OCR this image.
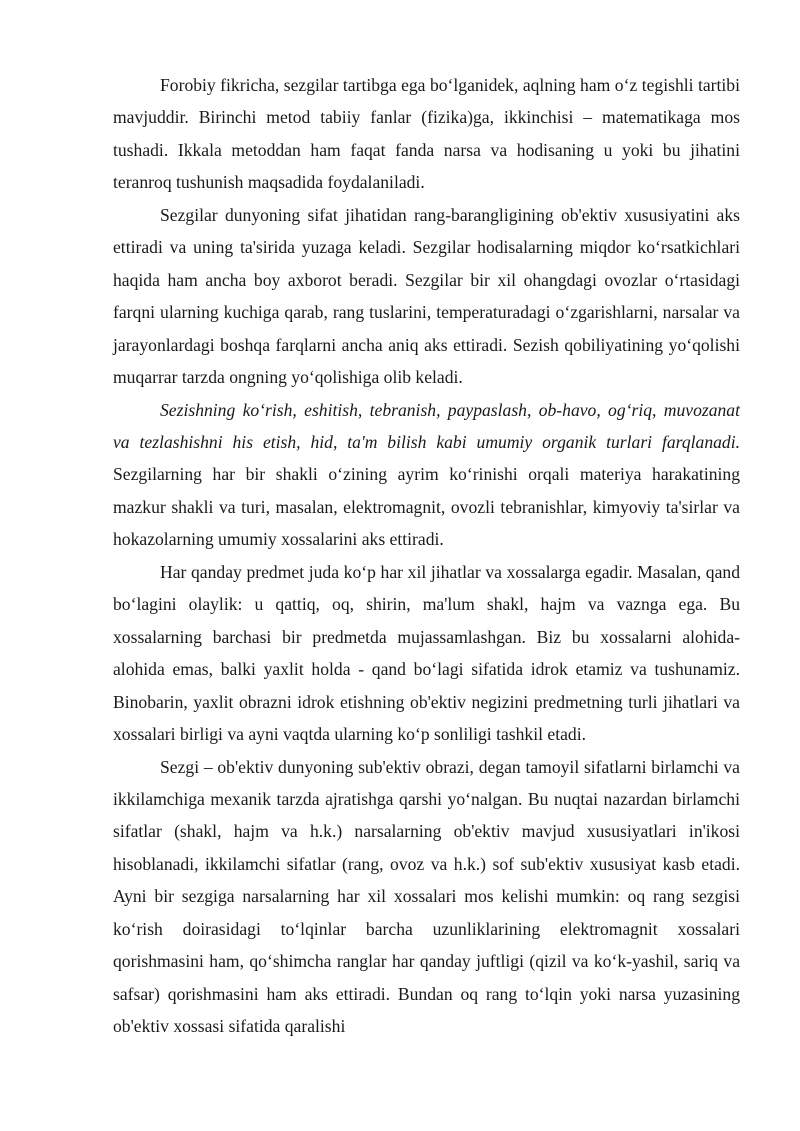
Forobiy fikricha, sezgilar tartibga ega bo‘lganidek, aqlning ham o‘z tegishli tartibi mavjuddir. Birinchi metod tabiiy fanlar (fizika)ga, ikkinchisi – matematikaga mos tushadi. Ikkala metoddan ham faqat fanda narsa va hodisaning u yoki bu jihatini teranroq tushunish maqsadida foydalaniladi.

Sezgilar dunyoning sifat jihatidan rang-barangligining ob'ektiv xususiyatini aks ettiradi va uning ta'sirida yuzaga keladi. Sezgilar hodisalarning miqdor ko‘rsatkichlari haqida ham ancha boy axborot beradi. Sezgilar bir xil ohangdagi ovozlar o‘rtasidagi farqni ularning kuchiga qarab, rang tuslarini, temperaturadagi o‘zgarishlarni, narsalar va jarayonlardagi boshqa farqlarni ancha aniq aks ettiradi. Sezish qobiliyatining yo‘qolishi muqarrar tarzda ongning yo‘qolishiga olib keladi.

Sezishning ko‘rish, eshitish, tebranish, paypaslash, ob-havo, og‘riq, muvozanat va tezlashishni his etish, hid, ta'm bilish kabi umumiy organik turlari farqlanadi. Sezgilarning har bir shakli o‘zining ayrim ko‘rinishi orqali materiya harakatining mazkur shakli va turi, masalan, elektromagnit, ovozli tebranishlar, kimyoviy ta'sirlar va hokazolarning umumiy xossalarini aks ettiradi.

Har qanday predmet juda ko‘p har xil jihatlar va xossalarga egadir. Masalan, qand bo‘lagini olaylik: u qattiq, oq, shirin, ma'lum shakl, hajm va vaznga ega. Bu xossalarning barchasi bir predmetda mujassamlashgan. Biz bu xossalarni alohida-alohida emas, balki yaxlit holda - qand bo‘lagi sifatida idrok etamiz va tushunamiz. Binobarin, yaxlit obrazni idrok etishning ob'ektiv negizini predmetning turli jihatlari va xossalari birligi va ayni vaqtda ularning ko‘p sonliligi tashkil etadi.

Sezgi – ob'ektiv dunyoning sub'ektiv obrazi, degan tamoyil sifatlarni birlamchi va ikkilamchiga mexanik tarzda ajratishga qarshi yo‘nalgan. Bu nuqtai nazardan birlamchi sifatlar (shakl, hajm va h.k.) narsalarning ob'ektiv mavjud xususiyatlari in'ikosi hisoblanadi, ikkilamchi sifatlar (rang, ovoz va h.k.) sof sub'ektiv xususiyat kasb etadi. Ayni bir sezgiga narsalarning har xil xossalari mos kelishi mumkin: oq rang sezgisi ko‘rish doirasidagi to‘lqinlar barcha uzunliklarining elektromagnit xossalari qorishmasini ham, qo‘shimcha ranglar har qanday juftligi (qizil va ko‘k-yashil, sariq va safsar) qorishmasini ham aks ettiradi. Bundan oq rang to‘lqin yoki narsa yuzasining ob'ektiv xossasi sifatida qaralishi
